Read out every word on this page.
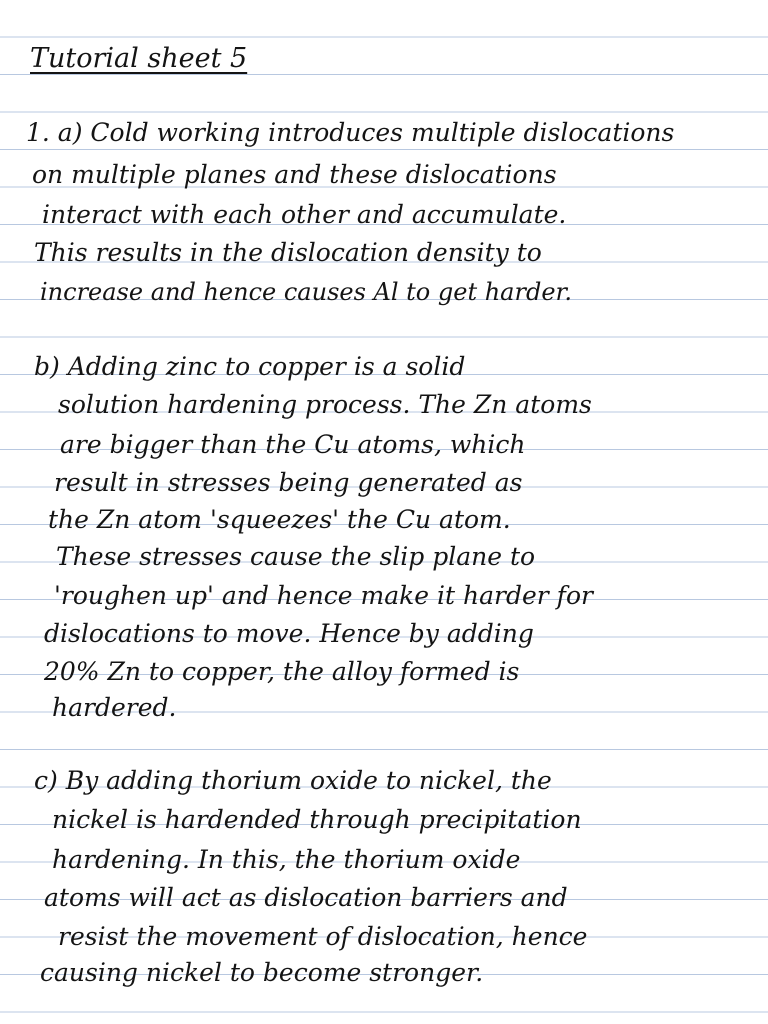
Tutorial sheet 5
1. a) Cold working introduces multiple dislocations
on multiple planes and these dislocations
interact with each other and accumulate.
This results in the dislocation density to
increase and hence causes Al to get harder.
b) Adding zinc to copper is a solid
solution hardening process. The Zn atoms
are bigger than the Cu atoms, which
result in stresses being generated as
the Zn atom 'squeezes' the Cu atom.
These stresses cause the slip plane to
'roughen up' and hence make it harder for
dislocations to move. Hence by adding
20% Zn to copper, the alloy formed is
hardered.
c) By adding thorium oxide to nickel, the
nickel is hardended through precipitation
hardening. In this, the thorium oxide
atoms will act as dislocation barriers and
resist the movement of dislocation, hence
causing nickel to become stronger.
